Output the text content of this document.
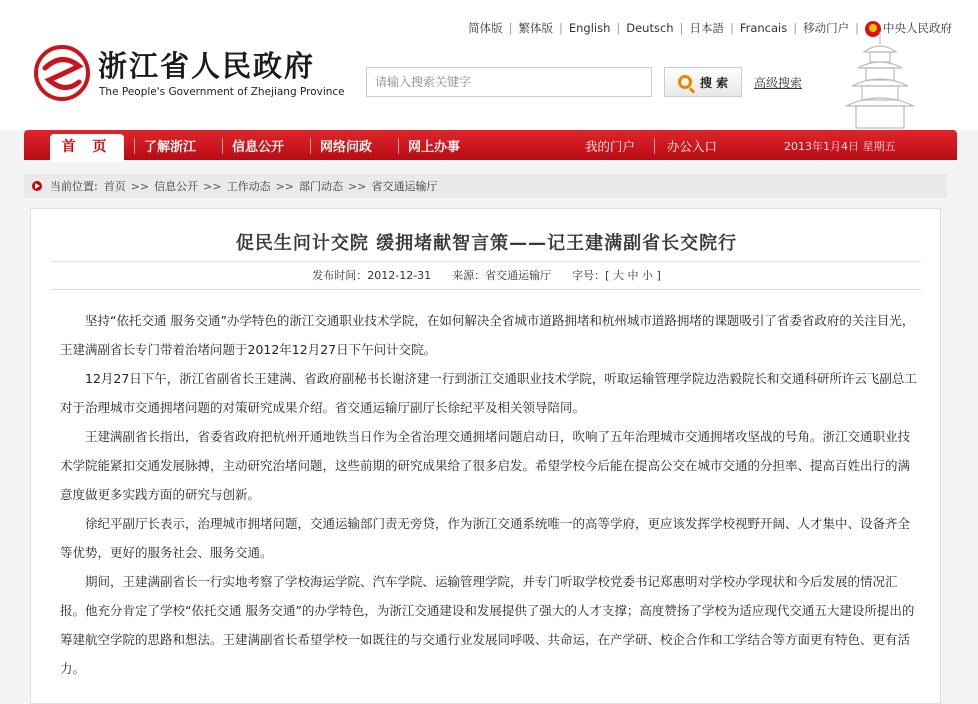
简体版 | 繁体版 | English | Deutsch | 日本語 | Francais | 移动门户 | 中央人民政府
浙江省人民政府
The People's Government of Zhejiang Province
请输入搜索关键字	搜 索 高级搜索
首 页	了解浙江	信息公开	网络问政	网上办事	我的门户	办公入口	2013年1月4日 星期五
当前位置: 首页 >> 信息公开 >> 工作动态 >> 部门动态 >> 省交通运输厅
促民生问计交院 缓拥堵献智言策——记王建满副省长交院行
发布时间：2012-12-31 来源：省交通运输厅 字号：[ 大 中 小 ]

坚持“依托交通 服务交通”办学特色的浙江交通职业技术学院，在如何解决全省城市道路拥堵和杭州城市道路拥堵的课题吸引了省委省政府的关注目光，王建满副省长专门带着治堵问题于2012年12月27日下午问计交院。

12月27日下午，浙江省副省长王建满、省政府副秘书长谢济建一行到浙江交通职业技术学院，听取运输管理学院边浩毅院长和交通科研所许云飞副总工对于治理城市交通拥堵问题的对策研究成果介绍。省交通运输厅副厅长徐纪平及相关领导陪同。

王建满副省长指出，省委省政府把杭州开通地铁当日作为全省治理交通拥堵问题启动日，吹响了五年治理城市交通拥堵攻坚战的号角。浙江交通职业技术学院能紧扣交通发展脉搏，主动研究治堵问题，这些前期的研究成果给了很多启发。希望学校今后能在提高公交在城市交通的分担率、提高百姓出行的满意度做更多实践方面的研究与创新。

徐纪平副厅长表示，治理城市拥堵问题，交通运输部门责无旁贷，作为浙江交通系统唯一的高等学府，更应该发挥学校视野开阔、人才集中、设备齐全等优势，更好的服务社会、服务交通。

期间，王建满副省长一行实地考察了学校海运学院、汽车学院、运输管理学院，并专门听取学校党委书记郑惠明对学校办学现状和今后发展的情况汇报。他充分肯定了学校“依托交通 服务交通”的办学特色，为浙江交通建设和发展提供了强大的人才支撑；高度赞扬了学校为适应现代交通五大建设所提出的筹建航空学院的思路和想法。王建满副省长希望学校一如既往的与交通行业发展同呼吸、共命运，在产学研、校企合作和工学结合等方面更有特色、更有活力。
